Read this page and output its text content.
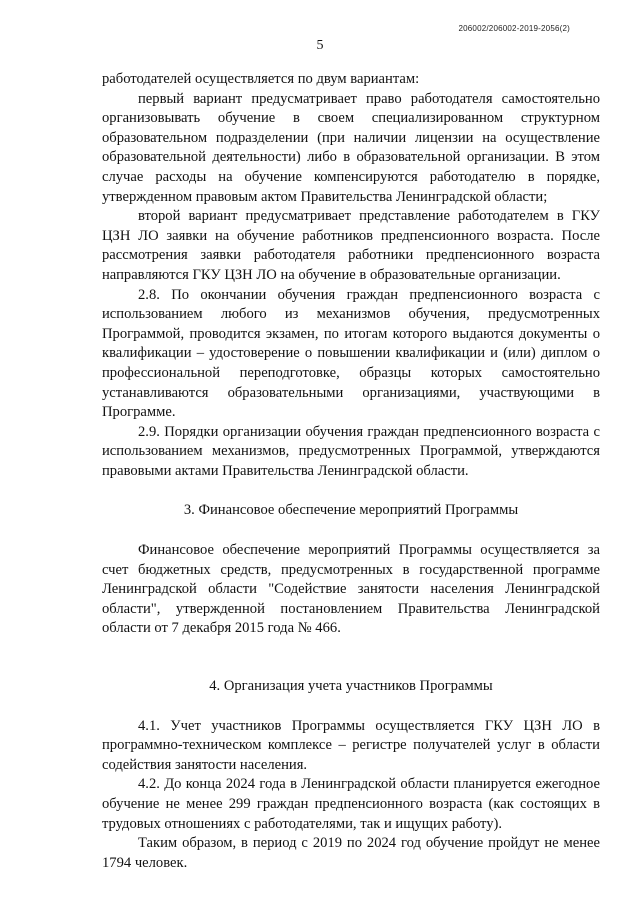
206002/206002-2019-2056(2)
5

работодателей осуществляется по двум вариантам:

первый вариант предусматривает право работодателя самостоятельно организовывать обучение в своем специализированном структурном образовательном подразделении (при наличии лицензии на осуществление образовательной деятельности) либо в образовательной организации. В этом случае расходы на обучение компенсируются работодателю в порядке, утвержденном правовым актом Правительства Ленинградской области;

второй вариант предусматривает представление работодателем в ГКУ ЦЗН ЛО заявки на обучение работников предпенсионного возраста. После рассмотрения заявки работодателя работники предпенсионного возраста направляются ГКУ ЦЗН ЛО на обучение в образовательные организации.

2.8. По окончании обучения граждан предпенсионного возраста с использованием любого из механизмов обучения, предусмотренных Программой, проводится экзамен, по итогам которого выдаются документы о квалификации – удостоверение о повышении квалификации и (или) диплом о профессиональной переподготовке, образцы которых самостоятельно устанавливаются образовательными организациями, участвующими в Программе.

2.9. Порядки организации обучения граждан предпенсионного возраста с использованием механизмов, предусмотренных Программой, утверждаются правовыми актами Правительства Ленинградской области.

3. Финансовое обеспечение мероприятий Программы

Финансовое обеспечение мероприятий Программы осуществляется за счет бюджетных средств, предусмотренных в государственной программе Ленинградской области "Содействие занятости населения Ленинградской области", утвержденной постановлением Правительства Ленинградской области от 7 декабря 2015 года № 466.

4. Организация учета участников Программы

4.1. Учет участников Программы осуществляется ГКУ ЦЗН ЛО в программно-техническом комплексе – регистре получателей услуг в области содействия занятости населения.

4.2. До конца 2024 года в Ленинградской области планируется ежегодное обучение не менее 299 граждан предпенсионного возраста (как состоящих в трудовых отношениях с работодателями, так и ищущих работу).

Таким образом, в период с 2019 по 2024 год обучение пройдут не менее 1794 человек.
